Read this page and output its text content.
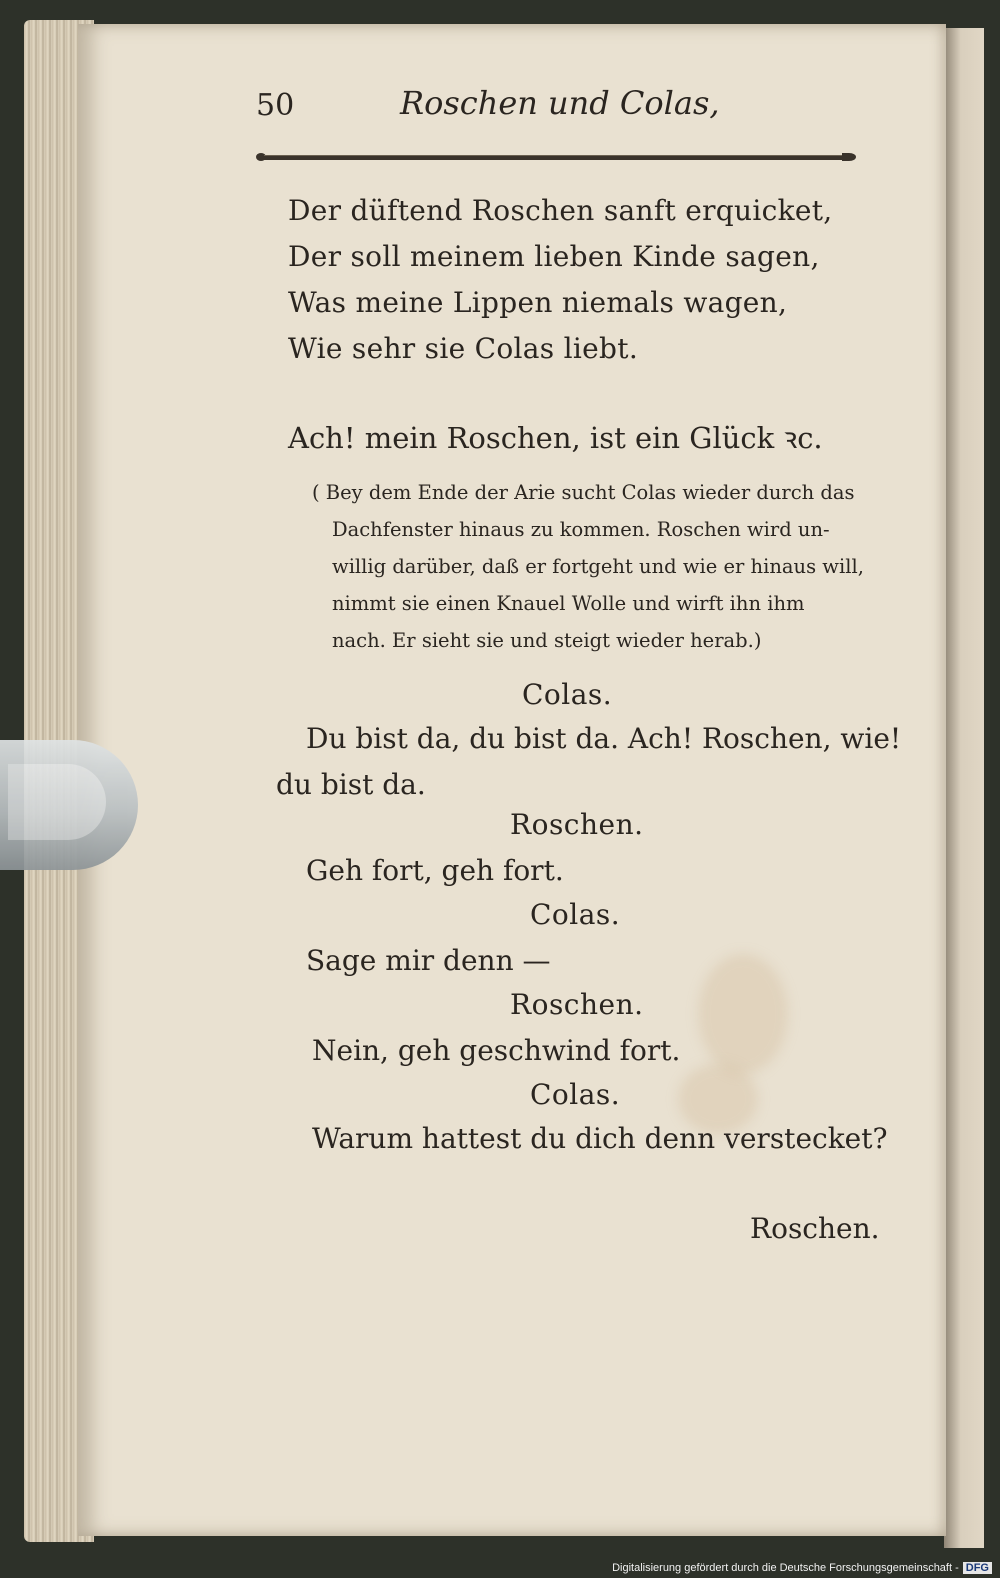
50	Roschen und Colas,
Der düftend Roschen sanft erquicket,
Der soll meinem lieben Kinde sagen,
Was meine Lippen niemals wagen,
Wie sehr sie Colas liebt.
Ach! mein Roschen, ist ein Glück ꝛc.
( Bey dem Ende der Arie sucht Colas wieder durch das
Dachfenster hinaus zu kommen. Roschen wird un-
willig darüber, daß er fortgeht und wie er hinaus will,
nimmt sie einen Knauel Wolle und wirft ihn ihm
nach. Er sieht sie und steigt wieder herab.)
Colas.
Du bist da, du bist da. Ach! Roschen, wie!
du bist da.
Roschen.
Geh fort, geh fort.
Colas.
Sage mir denn —
Roschen.
Nein, geh geschwind fort.
Colas.
Warum hattest du dich denn verstecket?
Roschen.
Digitalisierung gefördert durch die Deutsche Forschungsgemeinschaft - DFG
